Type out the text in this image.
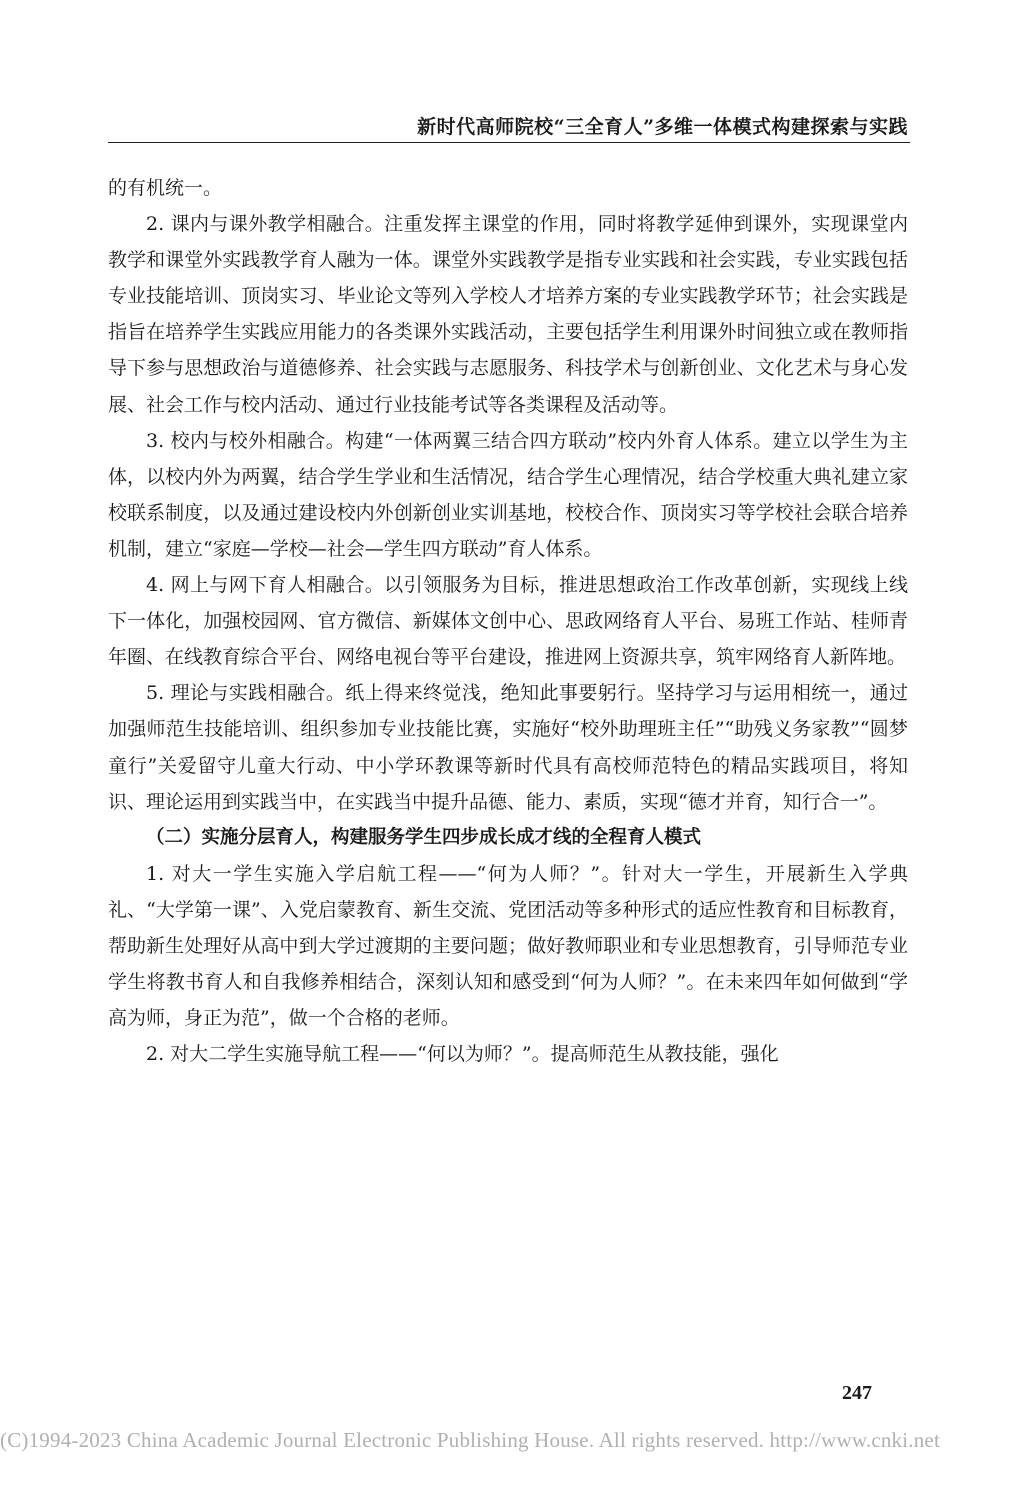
新时代高师院校“三全育人”多维一体模式构建探索与实践

的有机统一。

2. 课内与课外教学相融合。注重发挥主课堂的作用，同时将教学延伸到课外，实现课堂内教学和课堂外实践教学育人融为一体。课堂外实践教学是指专业实践和社会实践，专业实践包括专业技能培训、顶岗实习、毕业论文等列入学校人才培养方案的专业实践教学环节；社会实践是指旨在培养学生实践应用能力的各类课外实践活动，主要包括学生利用课外时间独立或在教师指导下参与思想政治与道德修养、社会实践与志愿服务、科技学术与创新创业、文化艺术与身心发展、社会工作与校内活动、通过行业技能考试等各类课程及活动等。

3. 校内与校外相融合。构建“一体两翼三结合四方联动”校内外育人体系。建立以学生为主体，以校内外为两翼，结合学生学业和生活情况，结合学生心理情况，结合学校重大典礼建立家校联系制度，以及通过建设校内外创新创业实训基地，校校合作、顶岗实习等学校社会联合培养机制，建立“家庭—学校—社会—学生四方联动”育人体系。

4. 网上与网下育人相融合。以引领服务为目标，推进思想政治工作改革创新，实现线上线下一体化，加强校园网、官方微信、新媒体文创中心、思政网络育人平台、易班工作站、桂师青年圈、在线教育综合平台、网络电视台等平台建设，推进网上资源共享，筑牢网络育人新阵地。

5. 理论与实践相融合。纸上得来终觉浅，绝知此事要躬行。坚持学习与运用相统一，通过加强师范生技能培训、组织参加专业技能比赛，实施好“校外助理班主任”“助残义务家教”“圆梦童行”关爱留守儿童大行动、中小学环教课等新时代具有高校师范特色的精品实践项目，将知识、理论运用到实践当中，在实践当中提升品德、能力、素质，实现“德才并育，知行合一”。

（二）实施分层育人，构建服务学生四步成长成才线的全程育人模式

1. 对大一学生实施入学启航工程——“何为人师？”。针对大一学生，开展新生入学典礼、“大学第一课”、入党启蒙教育、新生交流、党团活动等多种形式的适应性教育和目标教育，帮助新生处理好从高中到大学过渡期的主要问题；做好教师职业和专业思想教育，引导师范专业学生将教书育人和自我修养相结合，深刻认知和感受到“何为人师？”。在未来四年如何做到“学高为师，身正为范”，做一个合格的老师。

2. 对大二学生实施导航工程——“何以为师？”。提高师范生从教技能，强化

247
(C)1994-2023 China Academic Journal Electronic Publishing House. All rights reserved. http://www.cnki.net
